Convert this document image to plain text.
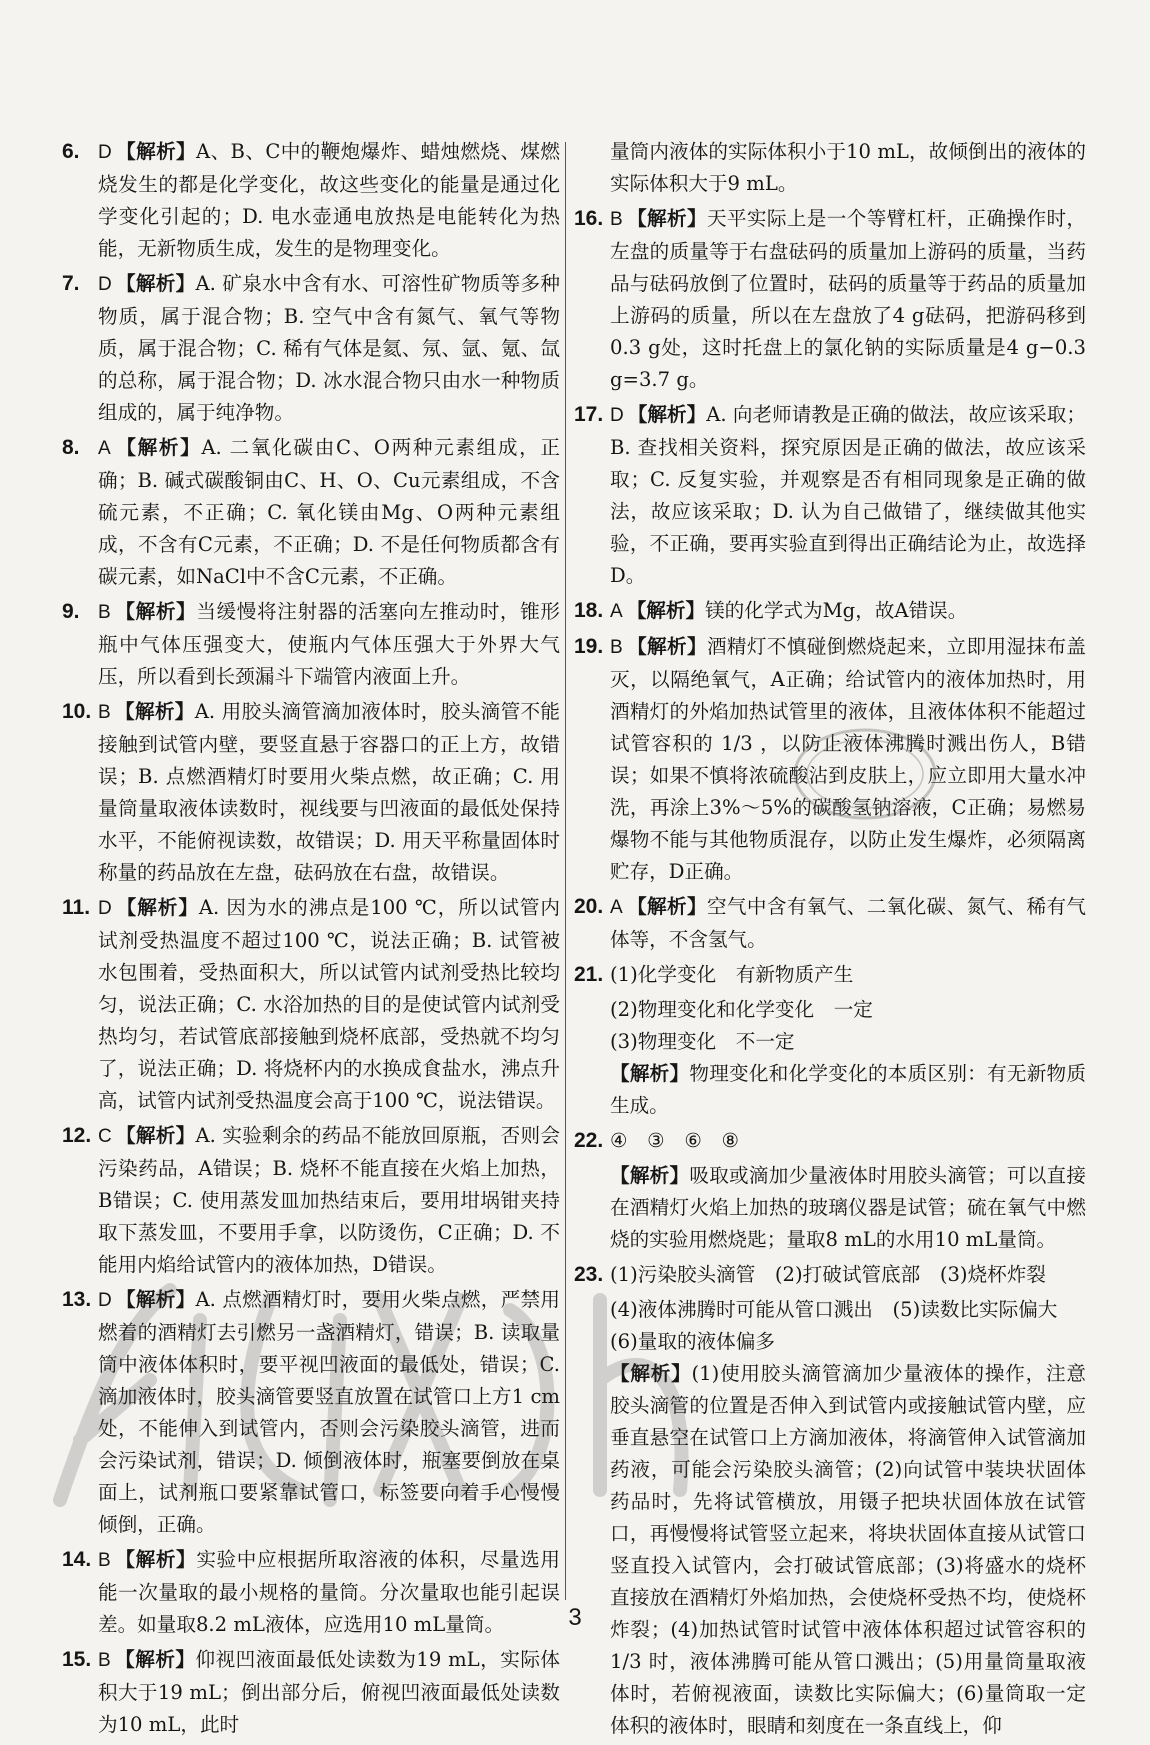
6. D 【解析】A、B、C中的鞭炮爆炸、蜡烛燃烧、煤燃烧发生的都是化学变化，故这些变化的能量是通过化学变化引起的；D. 电水壶通电放热是电能转化为热能，无新物质生成，发生的是物理变化。
7. D 【解析】A. 矿泉水中含有水、可溶性矿物质等多种物质，属于混合物；B. 空气中含有氮气、氧气等物质，属于混合物；C. 稀有气体是氦、氖、氩、氪、氙的总称，属于混合物；D. 冰水混合物只由水一种物质组成的，属于纯净物。
8. A 【解析】A. 二氧化碳由C、O两种元素组成，正确；B. 碱式碳酸铜由C、H、O、Cu元素组成，不含硫元素，不正确；C. 氧化镁由Mg、O两种元素组成，不含有C元素，不正确；D. 不是任何物质都含有碳元素，如NaCl中不含C元素，不正确。
9. B 【解析】当缓慢将注射器的活塞向左推动时，锥形瓶中气体压强变大，使瓶内气体压强大于外界大气压，所以看到长颈漏斗下端管内液面上升。
10. B 【解析】A. 用胶头滴管滴加液体时，胶头滴管不能接触到试管内壁，要竖直悬于容器口的正上方，故错误；B. 点燃酒精灯时要用火柴点燃，故正确；C. 用量筒量取液体读数时，视线要与凹液面的最低处保持水平，不能俯视读数，故错误；D. 用天平称量固体时称量的药品放在左盘，砝码放在右盘，故错误。
11. D 【解析】A. 因为水的沸点是100 ℃，所以试管内试剂受热温度不超过100 ℃，说法正确；B. 试管被水包围着，受热面积大，所以试管内试剂受热比较均匀，说法正确；C. 水浴加热的目的是使试管内试剂受热均匀，若试管底部接触到烧杯底部，受热就不均匀了，说法正确；D. 将烧杯内的水换成食盐水，沸点升高，试管内试剂受热温度会高于100 ℃，说法错误。
12. C 【解析】A. 实验剩余的药品不能放回原瓶，否则会污染药品，A错误；B. 烧杯不能直接在火焰上加热，B错误；C. 使用蒸发皿加热结束后，要用坩埚钳夹持取下蒸发皿，不要用手拿，以防烫伤，C正确；D. 不能用内焰给试管内的液体加热，D错误。
13. D 【解析】A. 点燃酒精灯时，要用火柴点燃，严禁用燃着的酒精灯去引燃另一盏酒精灯，错误；B. 读取量筒中液体体积时，要平视凹液面的最低处，错误；C. 滴加液体时，胶头滴管要竖直放置在试管口上方1 cm处，不能伸入到试管内，否则会污染胶头滴管，进而会污染试剂，错误；D. 倾倒液体时，瓶塞要倒放在桌面上，试剂瓶口要紧靠试管口，标签要向着手心慢慢倾倒，正确。
14. B 【解析】实验中应根据所取溶液的体积，尽量选用能一次量取的最小规格的量筒。分次量取也能引起误差。如量取8.2 mL液体，应选用10 mL量筒。
15. B 【解析】仰视凹液面最低处读数为19 mL，实际体积大于19 mL；倒出部分后，俯视凹液面最低处读数为10 mL，此时
量筒内液体的实际体积小于10 mL，故倾倒出的液体的实际体积大于9 mL。
16. B 【解析】天平实际上是一个等臂杠杆，正确操作时，左盘的质量等于右盘砝码的质量加上游码的质量，当药品与砝码放倒了位置时，砝码的质量等于药品的质量加上游码的质量，所以在左盘放了4 g砝码，把游码移到0.3 g处，这时托盘上的氯化钠的实际质量是4 g−0.3 g=3.7 g。
17. D 【解析】A. 向老师请教是正确的做法，故应该采取；B. 查找相关资料，探究原因是正确的做法，故应该采取；C. 反复实验，并观察是否有相同现象是正确的做法，故应该采取；D. 认为自己做错了，继续做其他实验，不正确，要再实验直到得出正确结论为止，故选择D。
18. A 【解析】镁的化学式为Mg，故A错误。
19. B 【解析】酒精灯不慎碰倒燃烧起来，立即用湿抹布盖灭，以隔绝氧气，A正确；给试管内的液体加热时，用酒精灯的外焰加热试管里的液体，且液体体积不能超过试管容积的 1/3 ，以防止液体沸腾时溅出伤人，B错误；如果不慎将浓硫酸沾到皮肤上，应立即用大量水冲洗，再涂上3%～5%的碳酸氢钠溶液，C正确；易燃易爆物不能与其他物质混存，以防止发生爆炸，必须隔离贮存，D正确。
20. A 【解析】空气中含有氧气、二氧化碳、氮气、稀有气体等，不含氢气。
21. (1)化学变化　有新物质产生
(2)物理变化和化学变化　一定
(3)物理变化　不一定
【解析】物理变化和化学变化的本质区别：有无新物质生成。
22. ④　③　⑥　⑧
【解析】吸取或滴加少量液体时用胶头滴管；可以直接在酒精灯火焰上加热的玻璃仪器是试管；硫在氧气中燃烧的实验用燃烧匙；量取8 mL的水用10 mL量筒。
23. (1)污染胶头滴管　(2)打破试管底部　(3)烧杯炸裂
(4)液体沸腾时可能从管口溅出　(5)读数比实际偏大
(6)量取的液体偏多
【解析】(1)使用胶头滴管滴加少量液体的操作，注意胶头滴管的位置是否伸入到试管内或接触试管内壁，应垂直悬空在试管口上方滴加液体，将滴管伸入试管滴加药液，可能会污染胶头滴管；(2)向试管中装块状固体药品时，先将试管横放，用镊子把块状固体放在试管口，再慢慢将试管竖立起来，将块状固体直接从试管口竖直投入试管内，会打破试管底部；(3)将盛水的烧杯直接放在酒精灯外焰加热，会使烧杯受热不均，使烧杯炸裂；(4)加热试管时试管中液体体积超过试管容积的 1/3 时，液体沸腾可能从管口溅出；(5)用量筒量取液体时，若俯视液面，读数比实际偏大；(6)量筒取一定体积的液体时，眼睛和刻度在一条直线上，仰
3
